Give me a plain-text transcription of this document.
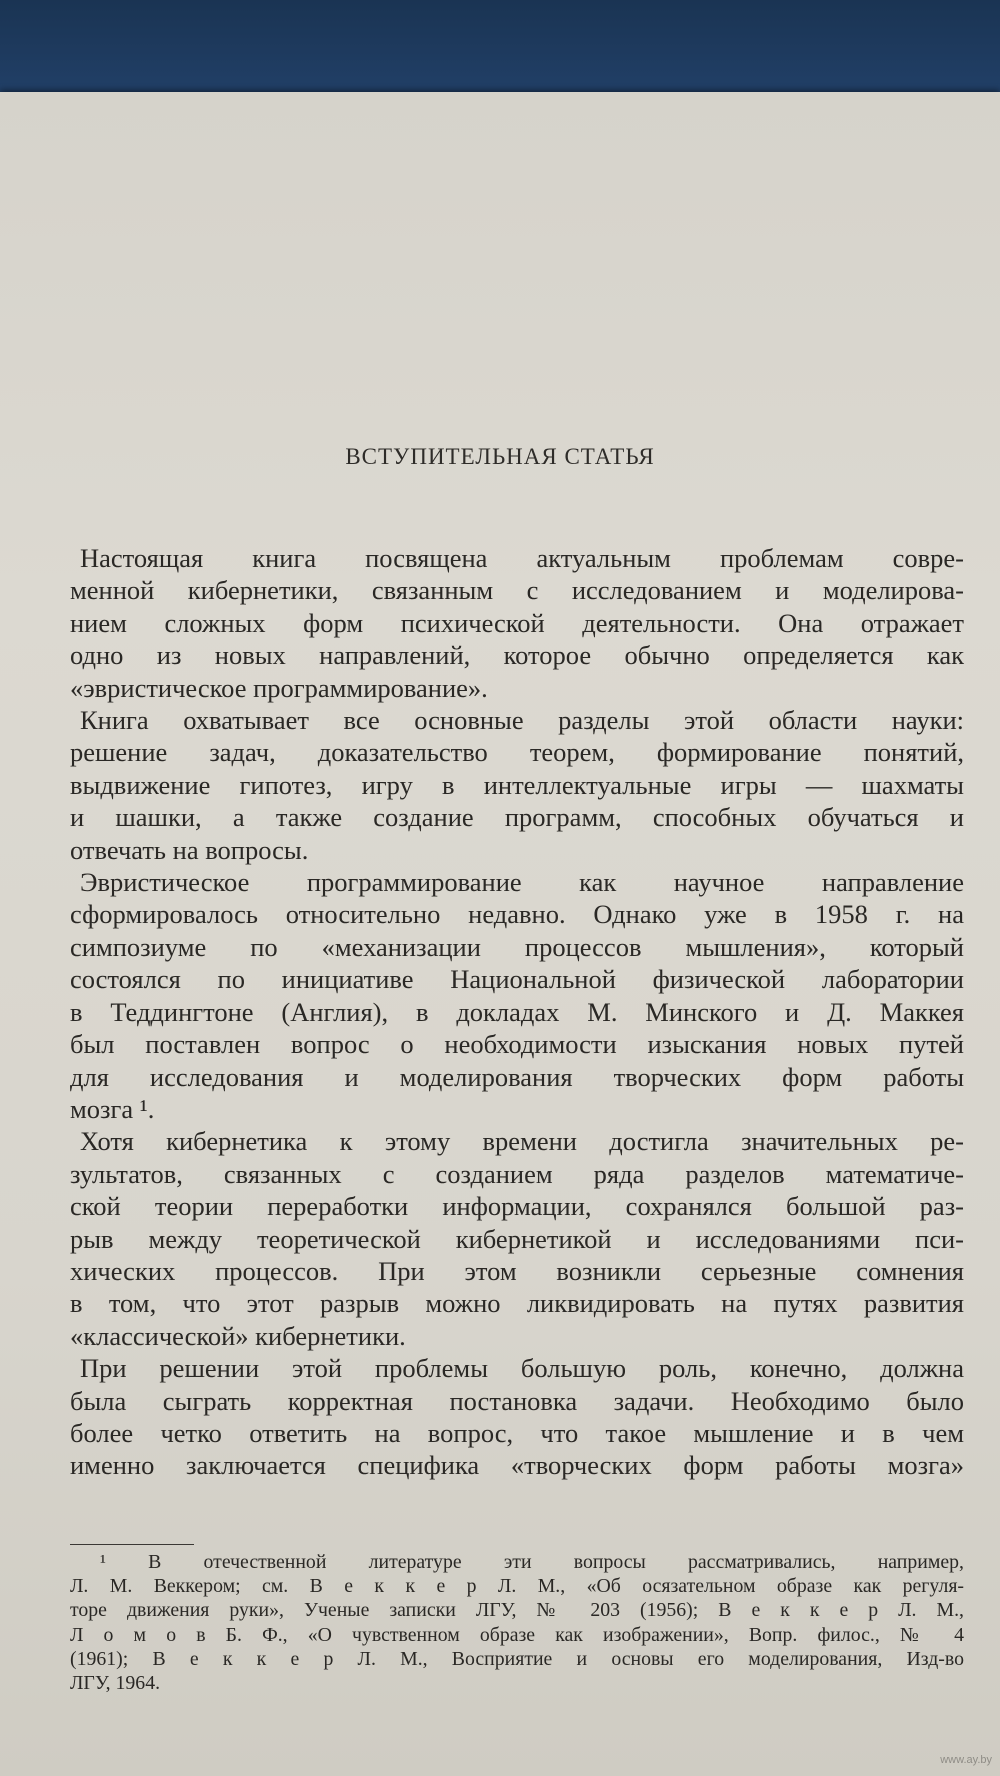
ВСТУПИТЕЛЬНАЯ СТАТЬЯ
Настоящая книга посвящена актуальным проблемам совре-
менной кибернетики, связанным с исследованием и моделирова-
нием сложных форм психической деятельности. Она отражает
одно из новых направлений, которое обычно определяется как
«эвристическое программирование».
Книга охватывает все основные разделы этой области науки:
решение задач, доказательство теорем, формирование понятий,
выдвижение гипотез, игру в интеллектуальные игры — шахматы
и шашки, а также создание программ, способных обучаться и
отвечать на вопросы.
Эвристическое программирование как научное направление
сформировалось относительно недавно. Однако уже в 1958 г. на
симпозиуме по «механизации процессов мышления», который
состоялся по инициативе Национальной физической лаборатории
в Теддингтоне (Англия), в докладах М. Минского и Д. Маккея
был поставлен вопрос о необходимости изыскания новых путей
для исследования и моделирования творческих форм работы
мозга ¹.
Хотя кибернетика к этому времени достигла значительных ре-
зультатов, связанных с созданием ряда разделов математиче-
ской теории переработки информации, сохранялся большой раз-
рыв между теоретической кибернетикой и исследованиями пси-
хических процессов. При этом возникли серьезные сомнения
в том, что этот разрыв можно ликвидировать на путях развития
«классической» кибернетики.
При решении этой проблемы большую роль, конечно, должна
была сыграть корректная постановка задачи. Необходимо было
более четко ответить на вопрос, что такое мышление и в чем
именно заключается специфика «творческих форм работы мозга»
¹ В отечественной литературе эти вопросы рассматривались, например,
Л. М. Веккером; см. В е к к е р Л. М., «Об осязательном образе как регуля-
торе движения руки», Ученые записки ЛГУ, № 203 (1956); В е к к е р Л. М.,
Л о м о в Б. Ф., «О чувственном образе как изображении», Вопр. филос., № 4
(1961); В е к к е р Л. М., Восприятие и основы его моделирования, Изд-во
ЛГУ, 1964.
www.ay.by
